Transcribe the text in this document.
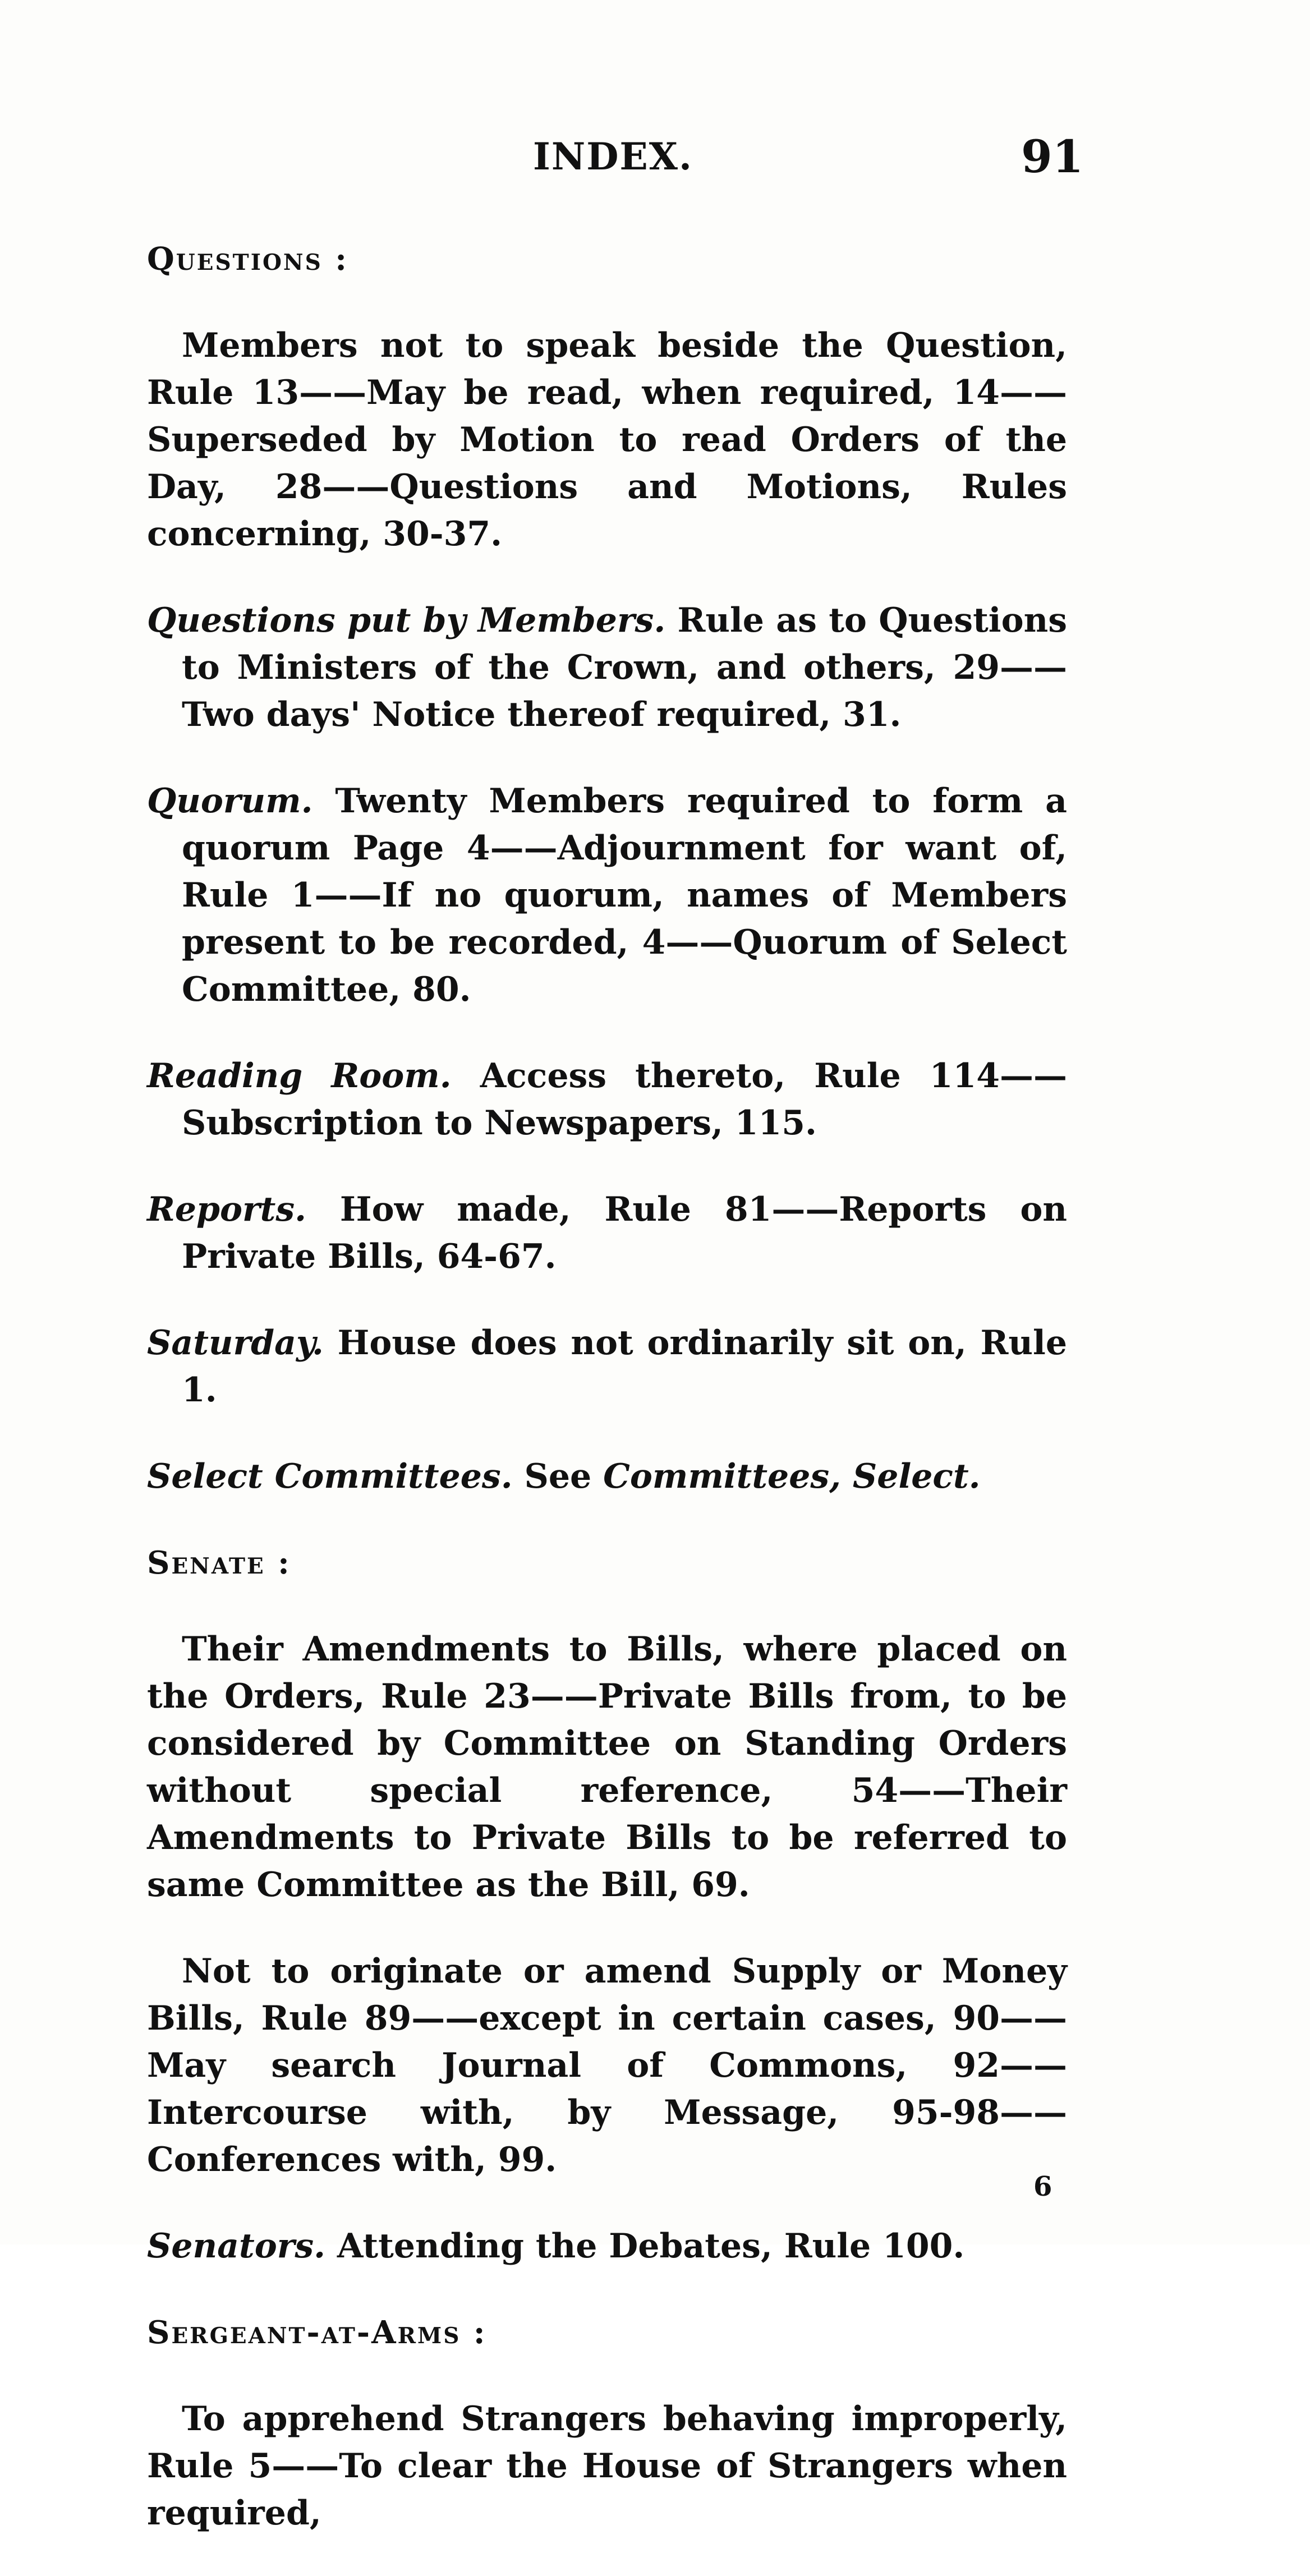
INDEX.	91
Questions :

Members not to speak beside the Question, Rule 13——May be read, when required, 14——Superseded by Motion to read Orders of the Day, 28——Questions and Motions, Rules concerning, 30-37.

Questions put by Members. Rule as to Questions to Ministers of the Crown, and others, 29——Two days' Notice thereof required, 31.

Quorum. Twenty Members required to form a quorum Page 4——Adjournment for want of, Rule 1——If no quorum, names of Members present to be recorded, 4——Quorum of Select Committee, 80.

Reading Room. Access thereto, Rule 114——Subscription to Newspapers, 115.

Reports. How made, Rule 81——Reports on Private Bills, 64-67.

Saturday. House does not ordinarily sit on, Rule 1.

Select Committees. See Committees, Select.

Senate :

Their Amendments to Bills, where placed on the Orders, Rule 23——Private Bills from, to be considered by Committee on Standing Orders without special reference, 54——Their Amendments to Private Bills to be referred to same Committee as the Bill, 69.

Not to originate or amend Supply or Money Bills, Rule 89——except in certain cases, 90——May search Journal of Commons, 92——Intercourse with, by Message, 95-98——Conferences with, 99.

Senators. Attending the Debates, Rule 100.

Sergeant-at-Arms :

To apprehend Strangers behaving improperly, Rule 5——To clear the House of Strangers when required,

6
